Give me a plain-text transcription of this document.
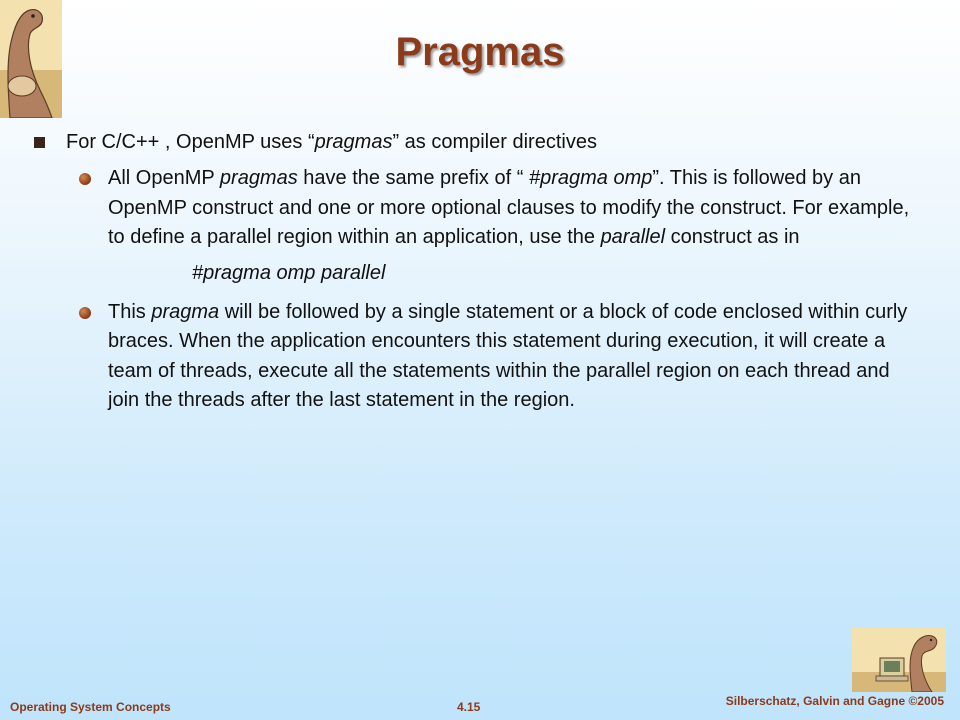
Pragmas
For C/C++ , OpenMP uses “pragmas” as compiler directives
All OpenMP pragmas have the same prefix of “ #pragma omp”. This is followed by an OpenMP construct and one or more optional clauses to modify the construct. For example, to define a parallel region within an application, use the parallel construct as in
#pragma omp parallel
This pragma will be followed by a single statement or a block of code enclosed within curly braces. When the application encounters this statement during execution, it will create a team of threads, execute all the statements within the parallel region on each thread and join the threads after the last statement in the region.
Operating System Concepts	4.15	Silberschatz, Galvin and Gagne ©2005
